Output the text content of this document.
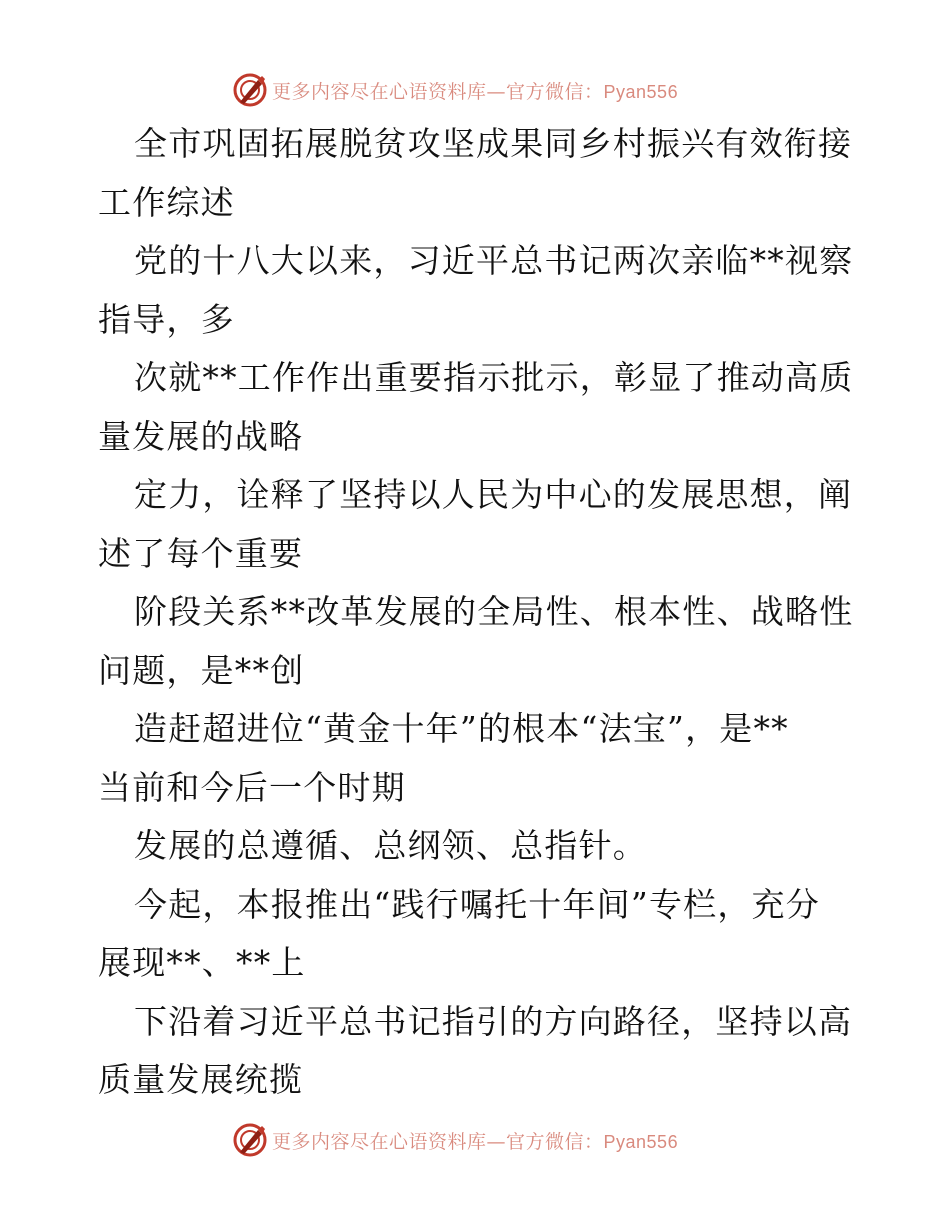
更多内容尽在心语资料库—官方微信：Pyan556
全市巩固拓展脱贫攻坚成果同乡村振兴有效衔接
工作综述
党的十八大以来，习近平总书记两次亲临**视察
指导，多
次就**工作作出重要指示批示，彰显了推动高质
量发展的战略
定力，诠释了坚持以人民为中心的发展思想，阐
述了每个重要
阶段关系**改革发展的全局性、根本性、战略性
问题，是**创
造赶超进位“黄金十年”的根本“法宝”，是**
当前和今后一个时期
发展的总遵循、总纲领、总指针。
今起，本报推出“践行嘱托十年间”专栏，充分
展现**、**上
下沿着习近平总书记指引的方向路径，坚持以高
质量发展统揽
更多内容尽在心语资料库—官方微信：Pyan556
